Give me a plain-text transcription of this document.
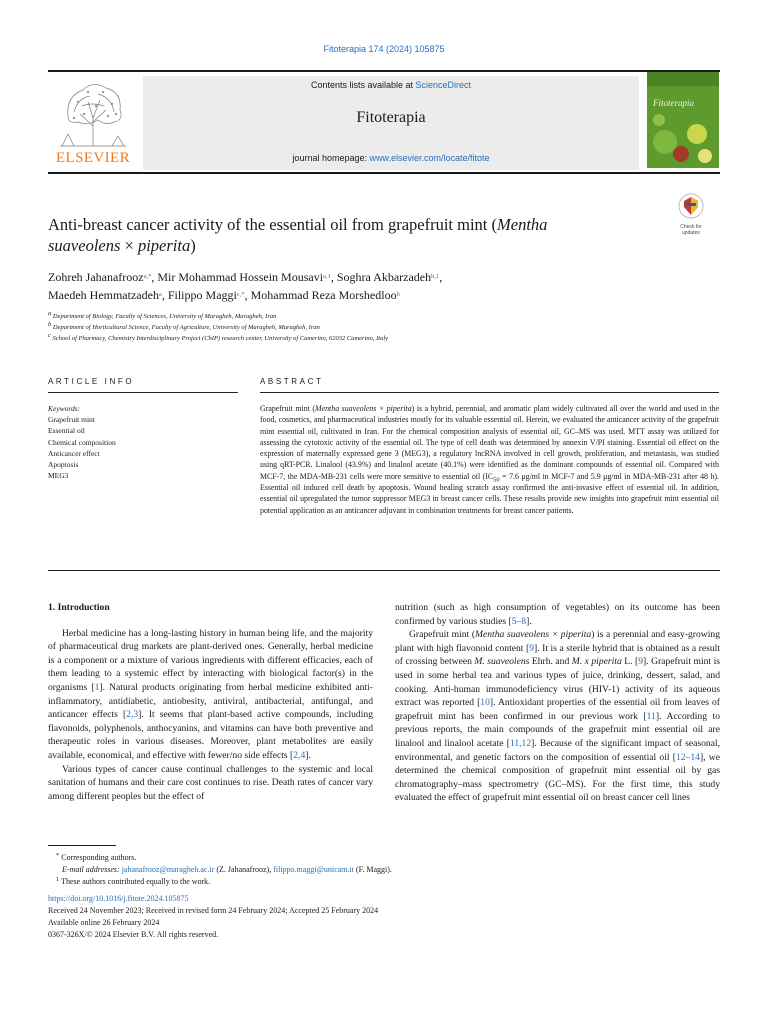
Fitoterapia 174 (2024) 105875
ELSEVIER
Contents lists available at ScienceDirect
Fitoterapia
journal homepage: www.elsevier.com/locate/fitote
Fitoterapia
Anti-breast cancer activity of the essential oil from grapefruit mint (Mentha
suaveolens × piperita)
Check for updates
Zohreh Jahanafrooz$^{a,*}$, Mir Mohammad Hossein Mousavi$^{a,1}$, Soghra Akbarzadeh$^{b,1}$,
Maedeh Hemmatzadeh$^a$, Filippo Maggi$^{c,*}$, Mohammad Reza Morshedloo$^b$
$^a$ Department of Biology, Faculty of Sciences, University of Maragheh, Maragheh, Iran
$^b$ Department of Horticultural Science, Faculty of Agriculture, University of Maragheh, Maragheh, Iran
$^c$ School of Pharmacy, Chemistry Interdisciplinary Project (ChIP) research center, University of Camerino, 62032 Camerino, Italy
ARTICLE INFO	ABSTRACT
Keywords:
Grapefruit mint
Essential oil
Chemical composition
Anticancer effect
Apoptosis
MEG3
Grapefruit mint (Mentha suaveolens × piperita) is a hybrid, perennial, and aromatic plant widely cultivated all over the world and used in the food, cosmetics, and pharmaceutical industries mostly for its valuable essential oil. Herein, we evaluated the anticancer activity of the grapefruit mint essential oil, cultivated in Iran. For the chemical composition analysis of essential oil, GC–MS was used. MTT assay was utilized for assessing the cytotoxic activity of the essential oil. The type of cell death was determined by annexin V/PI staining. Essential oil effect on the expression of maternally expressed gene 3 (MEG3), a regulatory lncRNA involved in cell growth, proliferation, and metastasis, was studied using qRT-PCR. Linalool (43.9%) and linalool acetate (40.1%) were identified as the dominant compounds of essential oil. Compared with MCF-7, the MDA-MB-231 cells were more sensitive to essential oil ($IC_{50} = 7.6$ μg/ml in MCF-7 and 5.9 μg/ml in MDA-MB-231 after 48 h). Essential oil induced cell death by apoptosis. Wound healing scratch assay confirmed the anti-invasive effect of essential oil. In addition, essential oil upregulated the tumor suppressor MEG3 in breast cancer cells. These results provide new insights into grapefruit mint essential oil potential application as an anticancer adjuvant in combination treatments for breast cancer patients.
1. Introduction

Herbal medicine has a long-lasting history in human being life, and the majority of pharmaceutical drug markets are plant-derived ones. Generally, herbal medicine is a component or a mixture of various ingredients with different efficacies, each of them leading to a systemic effect by interacting with biological factor(s) in the organisms [1]. Natural products originating from herbal medicine exhibited anti-inflammatory, antidiabetic, antiobesity, antiviral, antibacterial, antifungal, and anticancer effects [2,3]. It seems that plant-based active compounds, including flavonoids, polyphenols, anthocyanins, and vitamins can have both preventive and therapeutic roles in various diseases. Moreover, plant metabolites are easily available, economical, and effective with fewer/no side effects [2,4].

Various types of cancer cause continual challenges to the systemic and local sanitation of humans and their care cost continues to rise. Death rates of cancer vary among different peoples but the effect of

nutrition (such as high consumption of vegetables) on its outcome has been confirmed by various studies [5–8].

Grapefruit mint (Mentha suaveolens × piperita) is a perennial and easy-growing plant with high flavonoid content [9]. It is a sterile hybrid that is obtained as a result of crossing between M. suaveolens Ehrh. and M. x piperita L. [9]. Grapefruit mint is used in some herbal tea and various types of juice, drinking, dessert, salad, and cooking. Anti-human immunodeficiency virus (HIV-1) activity of its aqueous extract was reported [10]. Antioxidant properties of the essential oil from leaves of grapefruit mint has been confirmed in our previous work [11]. According to previous reports, the main compounds of the grapefruit mint essential oil are linalool and linalool acetate [11,12]. Because of the significant impact of seasonal, environmental, and genetic factors on the composition of essential oil [12–14], we determined the chemical composition of grapefruit mint essential oil by gas chromatography–mass spectrometry (GC–MS). For the first time, this study evaluated the effect of grapefruit mint essential oil on breast cancer cell lines

* Corresponding authors.
E-mail addresses: jahanafrooz@maragheh.ac.ir (Z. Jahanafrooz), filippo.maggi@unicam.it (F. Maggi).
$^1$ These authors contributed equally to the work.
https://doi.org/10.1016/j.fitote.2024.105875
Received 24 November 2023; Received in revised form 24 February 2024; Accepted 25 February 2024
Available online 26 February 2024
0367-326X/© 2024 Elsevier B.V. All rights reserved.
